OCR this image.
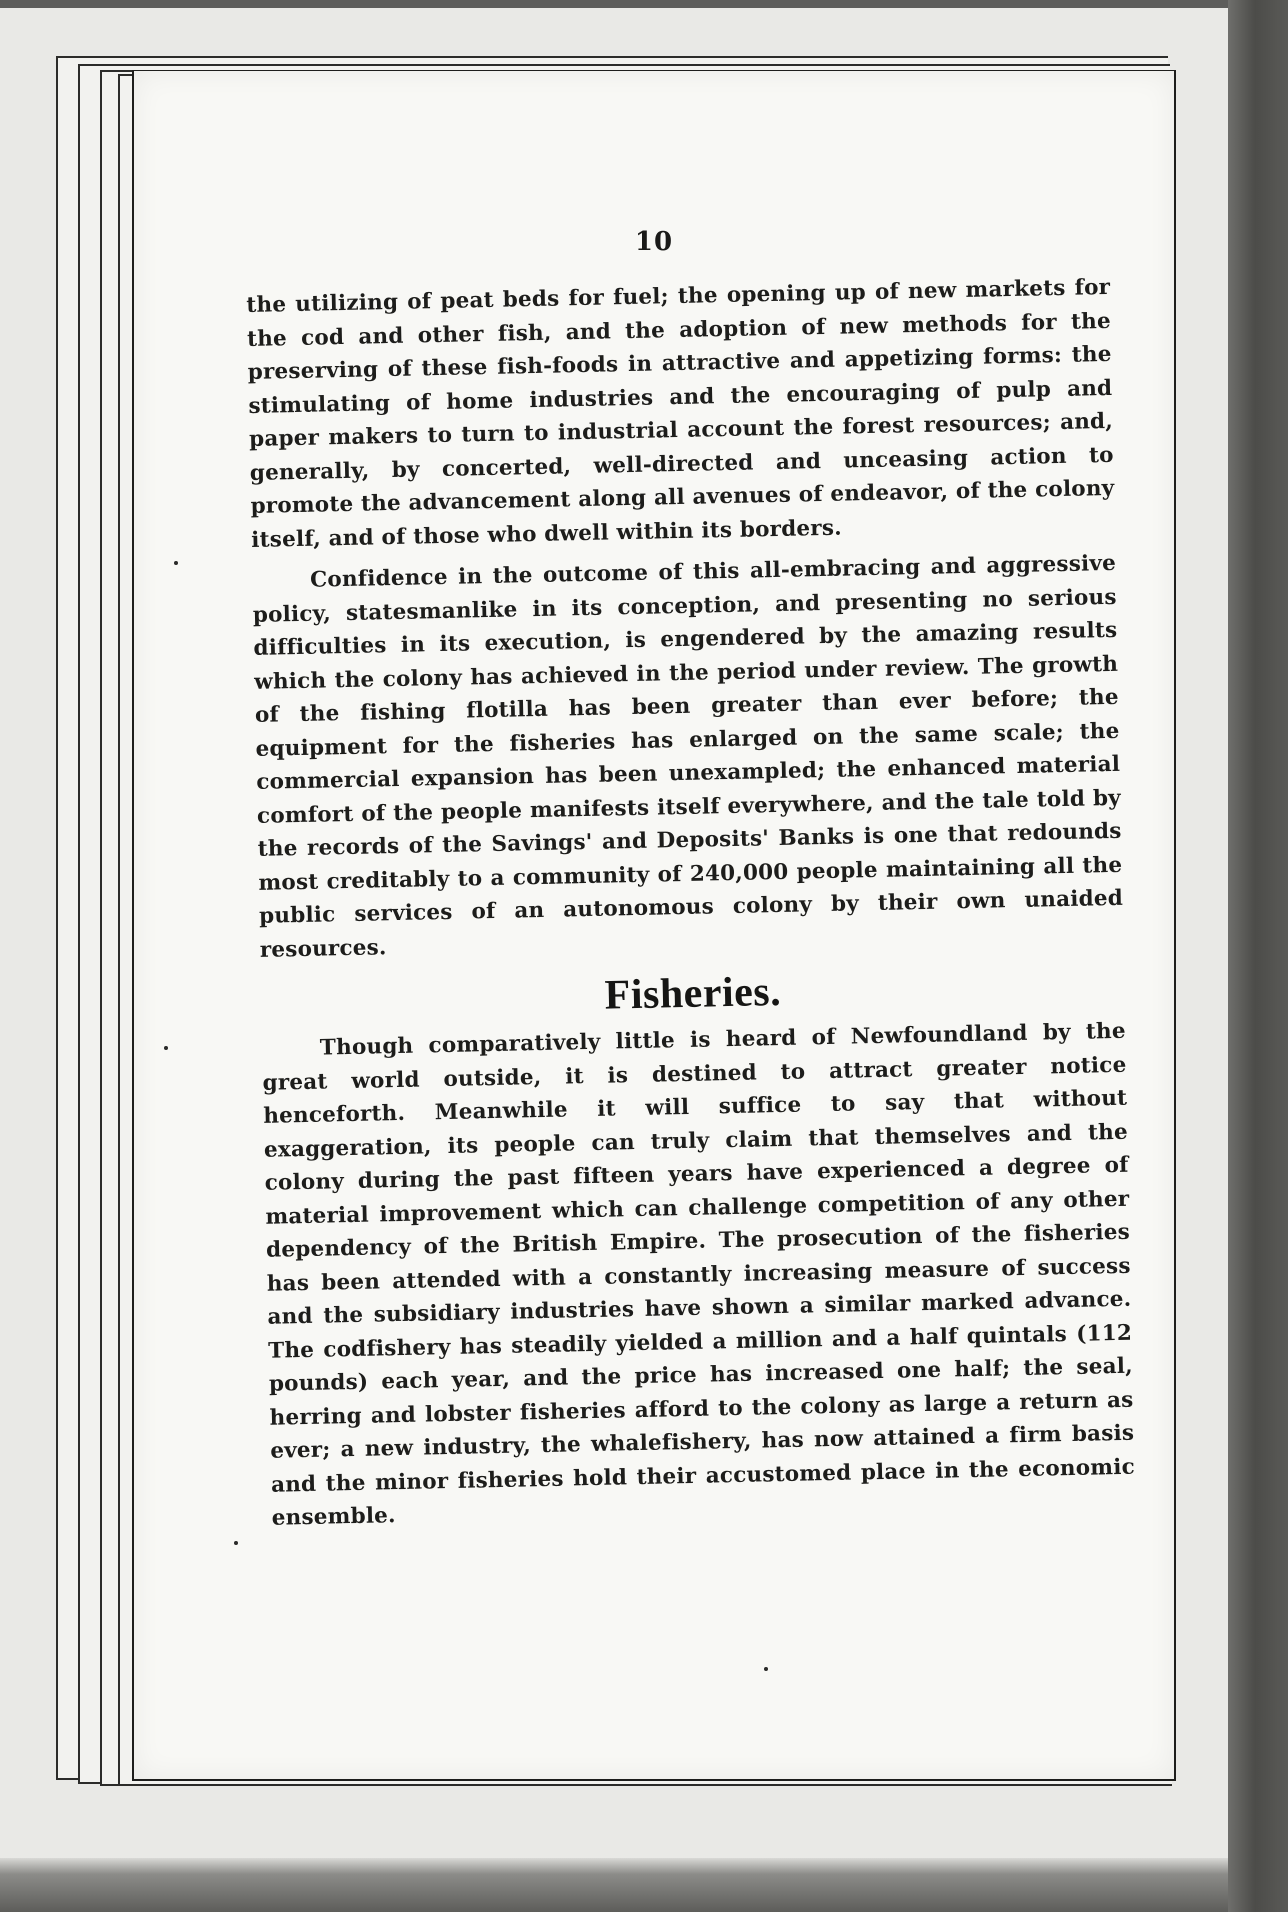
10

the utilizing of peat beds for fuel; the opening up of new markets for the cod and other fish, and the adoption of new methods for the preserving of these fish-foods in attractive and appetizing forms: the stimulating of home industries and the encouraging of pulp and paper makers to turn to industrial account the forest resources; and, generally, by concerted, well-directed and unceasing action to promote the advancement along all avenues of endeavor, of the colony itself, and of those who dwell within its borders.

Confidence in the outcome of this all-embracing and aggressive policy, statesmanlike in its conception, and presenting no serious difficulties in its execution, is engendered by the amazing results which the colony has achieved in the period under review. The growth of the fishing flotilla has been greater than ever before; the equipment for the fisheries has enlarged on the same scale; the commercial expansion has been unexampled; the enhanced material comfort of the people manifests itself everywhere, and the tale told by the records of the Savings' and Deposits' Banks is one that redounds most creditably to a community of 240,000 people maintaining all the public services of an autonomous colony by their own unaided resources.

Fisheries.

Though comparatively little is heard of Newfoundland by the great world outside, it is destined to attract greater notice henceforth. Meanwhile it will suffice to say that without exaggeration, its people can truly claim that themselves and the colony during the past fifteen years have experienced a degree of material improvement which can challenge competition of any other dependency of the British Empire. The prosecution of the fisheries has been attended with a constantly increasing measure of success and the subsidiary industries have shown a similar marked advance. The codfishery has steadily yielded a million and a half quintals (112 pounds) each year, and the price has increased one half; the seal, herring and lobster fisheries afford to the colony as large a return as ever; a new industry, the whalefishery, has now attained a firm basis and the minor fisheries hold their accustomed place in the economic ensemble.
